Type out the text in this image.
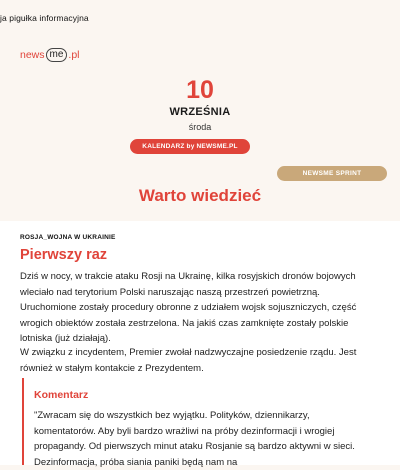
ja pigułka informacyjna
news me .pl
10
WRZEŚNIA
środa
KALENDARZ by NEWSME.PL
NEWSME SPRINT
Warto wiedzieć
ROSJA_WOJNA W UKRAINIE
Pierwszy raz
Dziś w nocy, w trakcie ataku Rosji na Ukrainę, kilka rosyjskich dronów bojowych wleciało nad terytorium Polski naruszając naszą przestrzeń powietrzną. Uruchomione zostały procedury obronne z udziałem wojsk sojuszniczych, część wrogich obiektów została zestrzelona. Na jakiś czas zamknięte zostały polskie lotniska (już działają).
W związku z incydentem, Premier zwołał nadzwyczajne posiedzenie rządu. Jest również w stałym kontakcie z Prezydentem.
Komentarz
"Zwracam się do wszystkich bez wyjątku. Polityków, dziennikarzy, komentatorów. Aby byli bardzo wrażliwi na próby dezinformacji i wrogiej propagandy. Od pierwszych minut ataku Rosjanie są bardzo aktywni w sieci. Dezinformacja, próba siania paniki będą nam na
